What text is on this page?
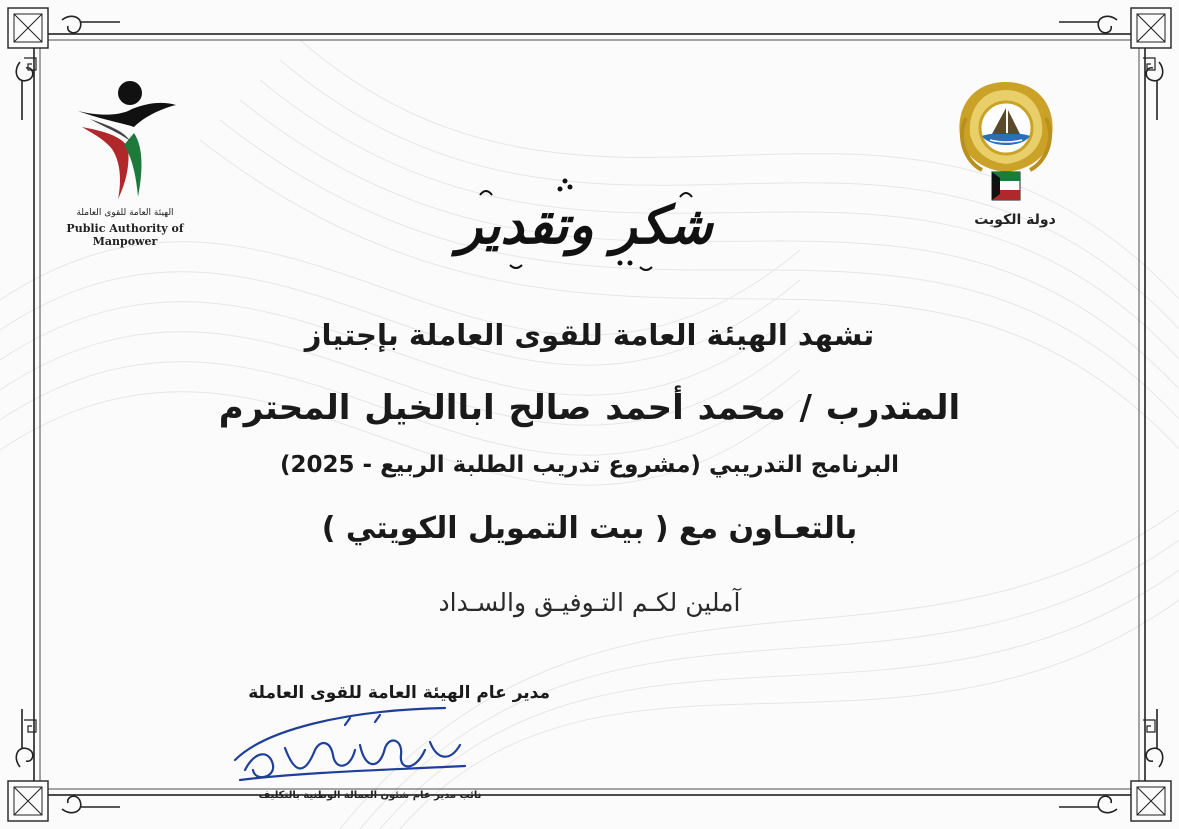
الهيئة العامة للقوى العاملة
Public Authority of Manpower
دولة الكويت
شكر وتقدير
تشهد الهيئة العامة للقوى العاملة بإجتياز
المتدرب / محمد أحمد صالح اباالخيل المحترم
البرنامج التدريبي (مشروع تدريب الطلبة الربيع - 2025)
بالتعـاون مع ( بيت التمويل الكويتي )
آملين لكـم التـوفيـق والسـداد
مدير عام الهيئة العامة للقوى العاملة
نائب مدير عام شئون العمالة الوطنية بالتكليف
